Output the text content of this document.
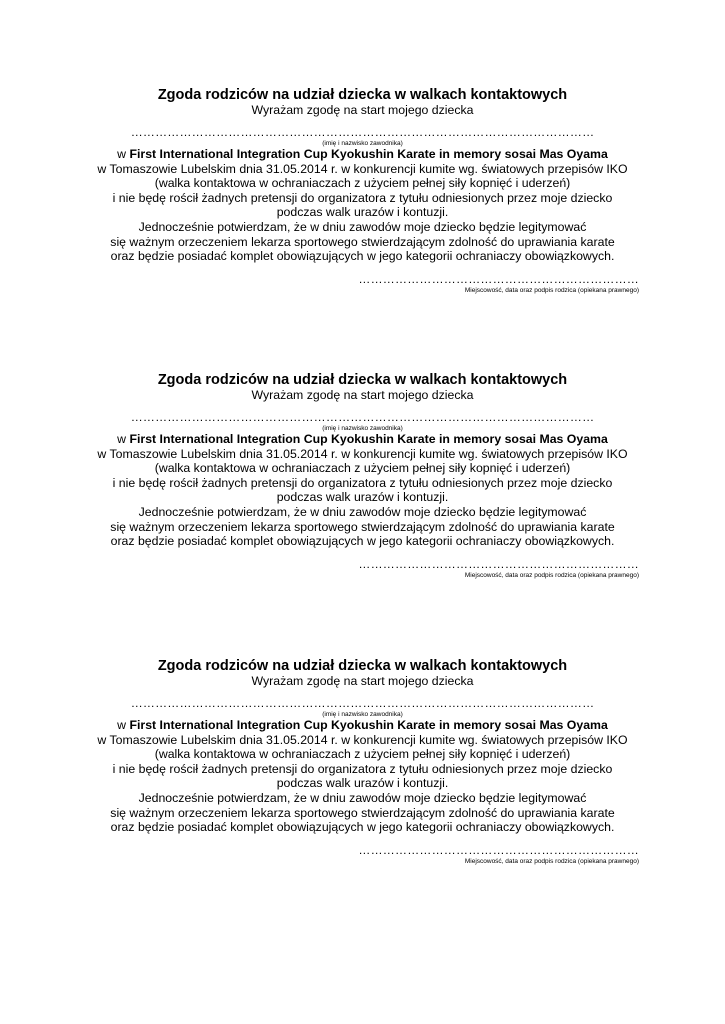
Zgoda rodziców na udział dziecka w walkach kontaktowych
Wyrażam zgodę na start mojego dziecka
……………………………………………………………………………………………………
(imię i nazwisko zawodnika)
w First International Integration Cup Kyokushin Karate in memory sosai Mas Oyama
w Tomaszowie Lubelskim dnia 31.05.2014 r. w konkurencji kumite wg. światowych przepisów IKO
(walka kontaktowa w ochraniaczach z użyciem pełnej siły kopnięć i uderzeń)
i nie będę rościł żadnych pretensji do organizatora z tytułu odniesionych przez moje dziecko
podczas walk urazów i kontuzji.
Jednocześnie potwierdzam, że w dniu zawodów moje dziecko będzie legitymować
się ważnym orzeczeniem lekarza sportowego stwierdzającym zdolność do uprawiania karate
oraz będzie posiadać komplet obowiązujących w jego kategorii ochraniaczy obowiązkowych.
……………………………………………………………
Miejscowość, data oraz podpis rodzica (opiekana prawnego)
Zgoda rodziców na udział dziecka w walkach kontaktowych
Wyrażam zgodę na start mojego dziecka
……………………………………………………………………………………………………
(imię i nazwisko zawodnika)
w First International Integration Cup Kyokushin Karate in memory sosai Mas Oyama
w Tomaszowie Lubelskim dnia 31.05.2014 r. w konkurencji kumite wg. światowych przepisów IKO
(walka kontaktowa w ochraniaczach z użyciem pełnej siły kopnięć i uderzeń)
i nie będę rościł żadnych pretensji do organizatora z tytułu odniesionych przez moje dziecko
podczas walk urazów i kontuzji.
Jednocześnie potwierdzam, że w dniu zawodów moje dziecko będzie legitymować
się ważnym orzeczeniem lekarza sportowego stwierdzającym zdolność do uprawiania karate
oraz będzie posiadać komplet obowiązujących w jego kategorii ochraniaczy obowiązkowych.
……………………………………………………………
Miejscowość, data oraz podpis rodzica (opiekana prawnego)
Zgoda rodziców na udział dziecka w walkach kontaktowych
Wyrażam zgodę na start mojego dziecka
……………………………………………………………………………………………………
(imię i nazwisko zawodnika)
w First International Integration Cup Kyokushin Karate in memory sosai Mas Oyama
w Tomaszowie Lubelskim dnia 31.05.2014 r. w konkurencji kumite wg. światowych przepisów IKO
(walka kontaktowa w ochraniaczach z użyciem pełnej siły kopnięć i uderzeń)
i nie będę rościł żadnych pretensji do organizatora z tytułu odniesionych przez moje dziecko
podczas walk urazów i kontuzji.
Jednocześnie potwierdzam, że w dniu zawodów moje dziecko będzie legitymować
się ważnym orzeczeniem lekarza sportowego stwierdzającym zdolność do uprawiania karate
oraz będzie posiadać komplet obowiązujących w jego kategorii ochraniaczy obowiązkowych.
……………………………………………………………
Miejscowość, data oraz podpis rodzica (opiekana prawnego)
